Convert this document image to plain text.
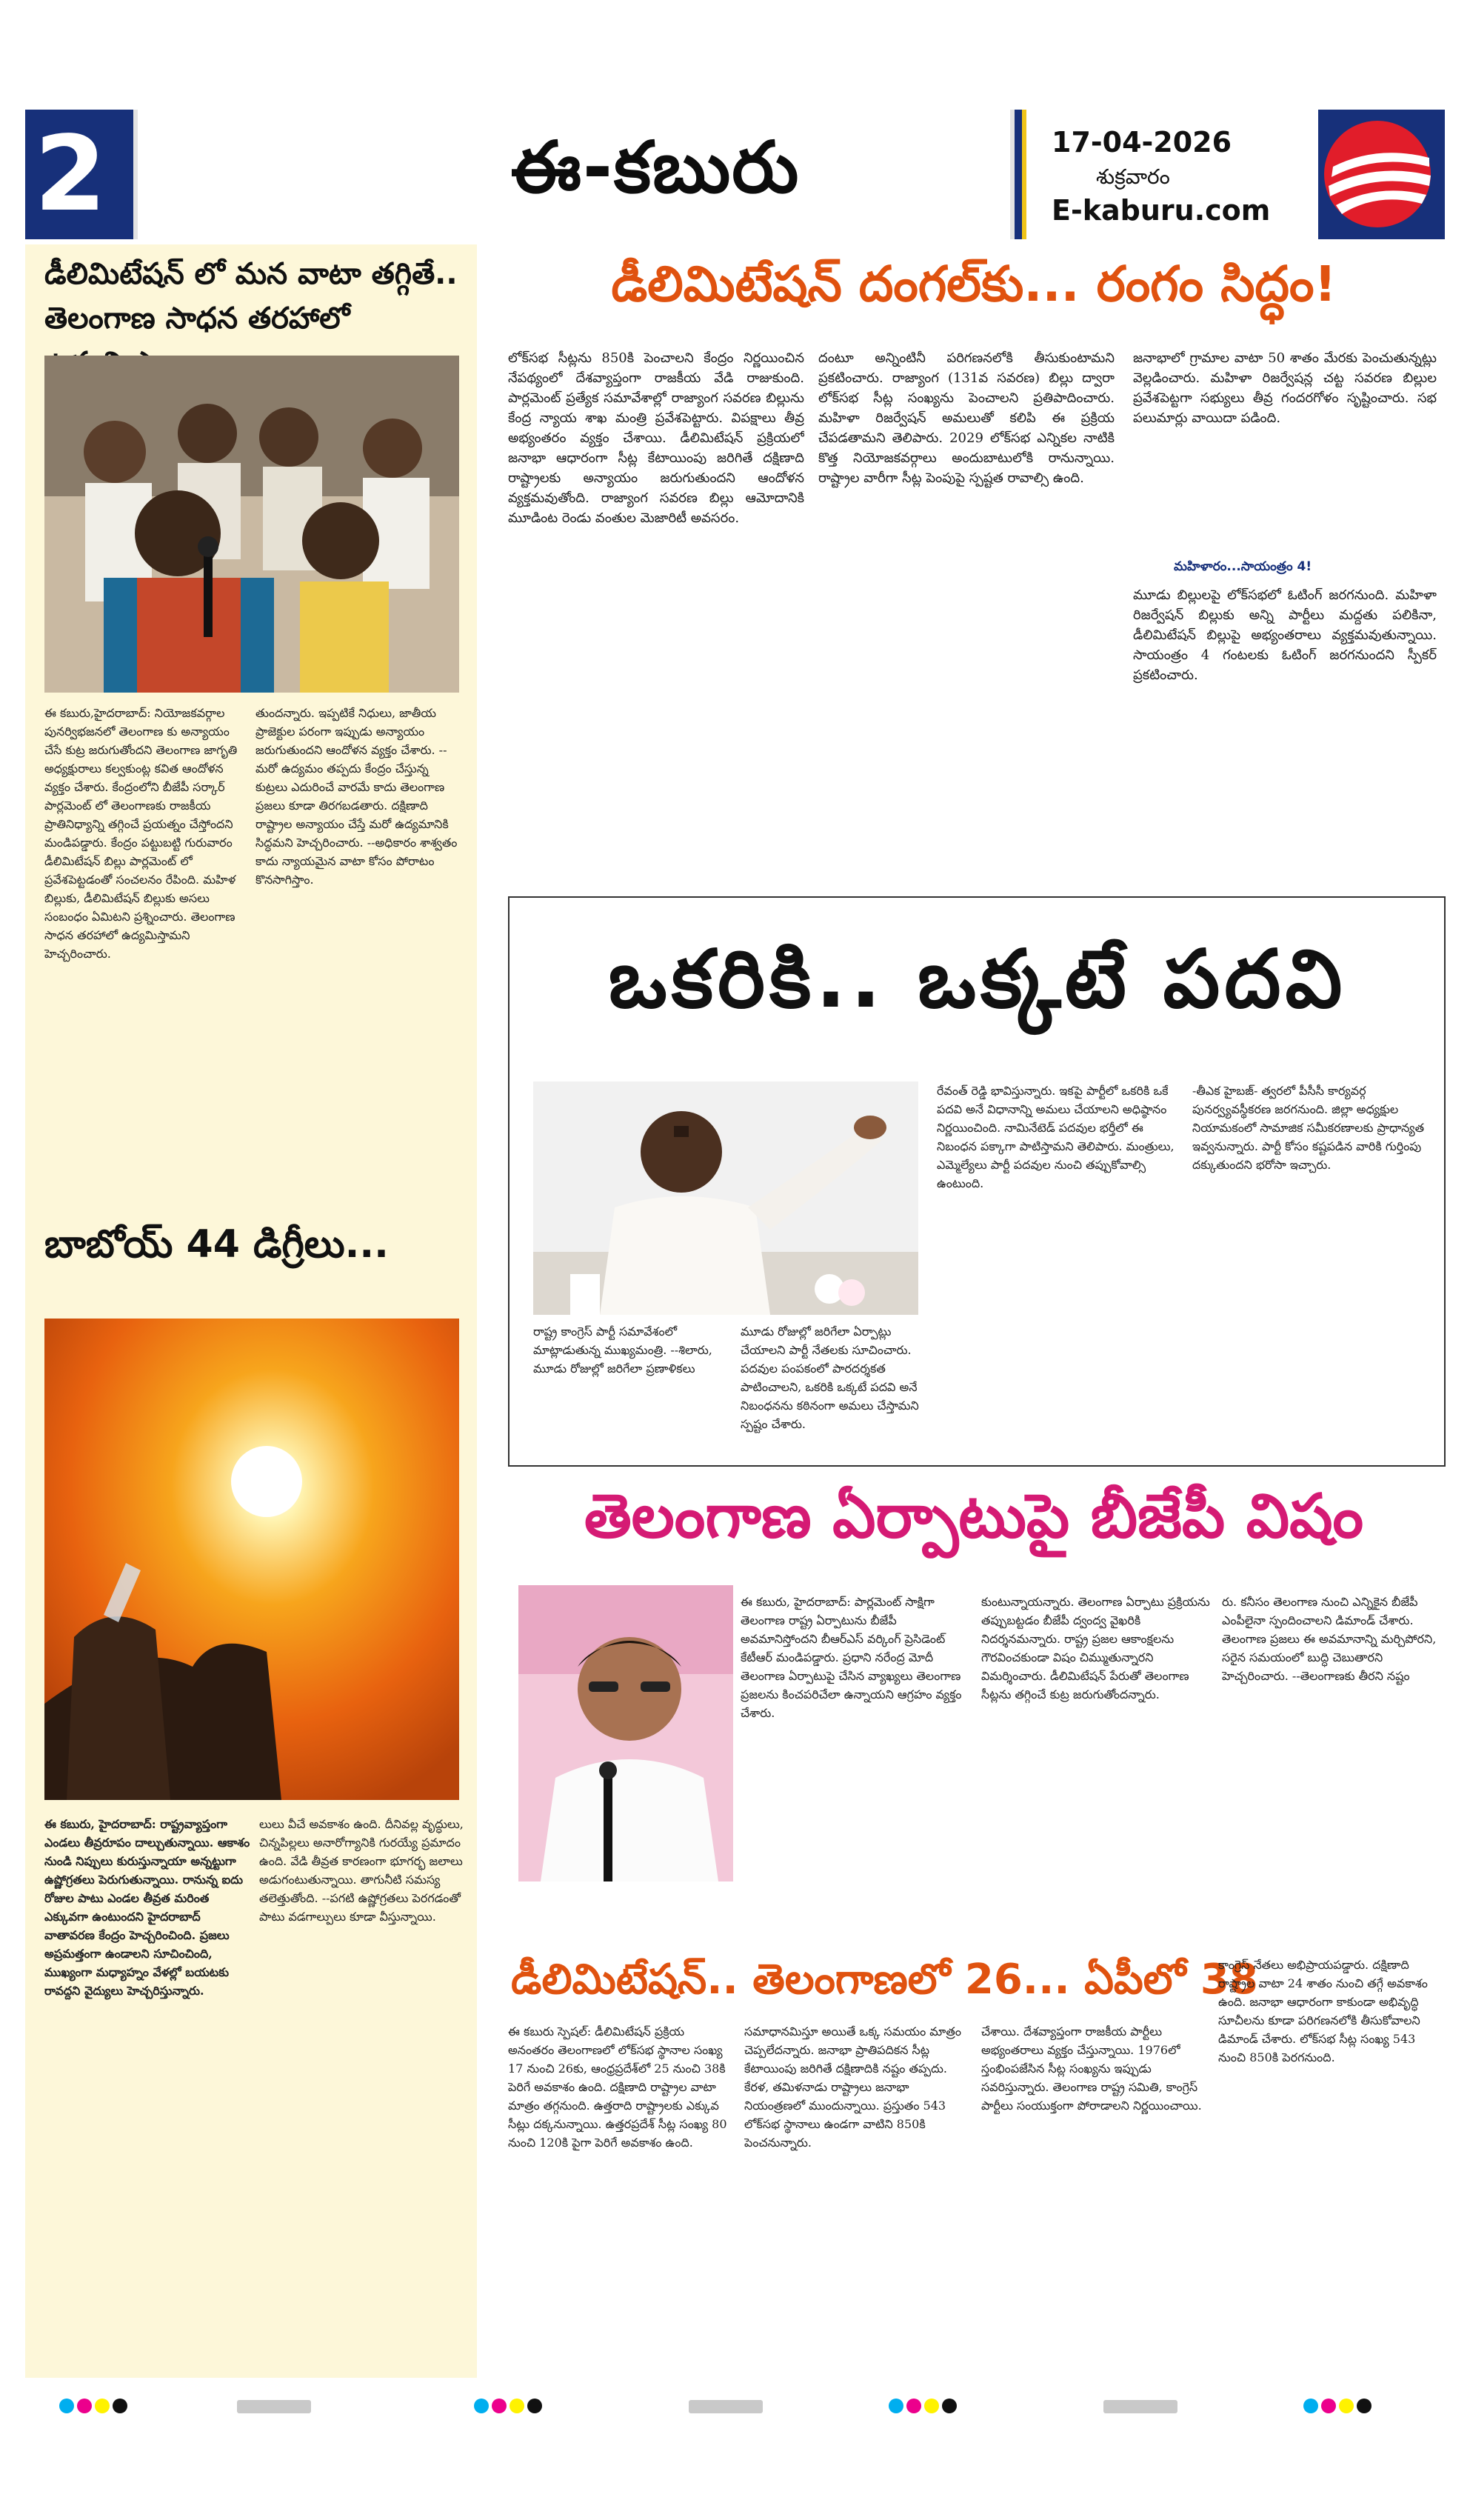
2	ఈ-కబురు	17-04-2026
శుక్రవారం
E-kaburu.com
డీలిమిటేషన్ లో మన వాటా తగ్గితే..
తెలంగాణ సాధన తరహాలో
ఈ కబురు,హైదరాబాద్: నియోజకవర్గాల పునర్విభజనలో తెలంగాణ కు అన్యాయం చేసే కుట్ర జరుగుతోందని తెలంగాణ జాగృతి అధ్యక్షురాలు కల్వకుంట్ల కవిత ఆందోళన వ్యక్తం చేశారు. కేంద్రంలోని బీజేపీ సర్కార్ పార్లమెంట్ లో తెలంగాణకు రాజకీయ ప్రాతినిధ్యాన్ని తగ్గించే ప్రయత్నం చేస్తోందని మండిపడ్డారు. కేంద్రం పట్టుబట్టి గురువారం డీలిమిటేషన్ బిల్లు పార్లమెంట్ లో ప్రవేశపెట్టడంతో సంచలనం రేపింది. మహిళ బిల్లుకు, డీలిమిటేషన్ బిల్లుకు అసలు సంబంధం ఏమిటని ప్రశ్నించారు. తెలంగాణ సాధన తరహాలో ఉద్యమిస్తామని హెచ్చరించారు.
తుందన్నారు. ఇప్పటికే నిధులు, జాతీయ ప్రాజెక్టుల పరంగా ఇప్పుడు అన్యాయం జరుగుతుందని ఆందోళన వ్యక్తం చేశారు. --మరో ఉద్యమం తప్పదు కేంద్రం చేస్తున్న కుట్రలు ఎదురించే వారమే కాదు తెలంగాణ ప్రజలు కూడా తిరగబడతారు. దక్షిణాది రాష్ట్రాల అన్యాయం చేస్తే మరో ఉద్యమానికి సిద్ధమని హెచ్చరించారు. --అధికారం శాశ్వతం కాదు న్యాయమైన వాటా కోసం పోరాటం కొనసాగిస్తాం.
బాబోయ్ 44 డిగ్రీలు...
ఈ కబురు, హైదరాబాద్: రాష్ట్రవ్యాప్తంగా ఎండలు తీవ్రరూపం దాల్చుతున్నాయి. ఆకాశం నుండి నిప్పులు కురుస్తున్నాయా అన్నట్టుగా ఉష్ణోగ్రతలు పెరుగుతున్నాయి. రానున్న ఐదు రోజుల పాటు ఎండల తీవ్రత మరింత ఎక్కువగా ఉంటుందని హైదరాబాద్ వాతావరణ కేంద్రం హెచ్చరించింది. ప్రజలు అప్రమత్తంగా ఉండాలని సూచించింది, ముఖ్యంగా మధ్యాహ్నం వేళల్లో బయటకు రావద్దని వైద్యులు హెచ్చరిస్తున్నారు.
లులు వీచే అవకాశం ఉంది. దీనివల్ల వృద్ధులు, చిన్నపిల్లలు అనారోగ్యానికి గురయ్యే ప్రమాదం ఉంది. వేడి తీవ్రత కారణంగా భూగర్భ జలాలు అడుగంటుతున్నాయి. తాగునీటి సమస్య తలెత్తుతోంది. --పగటి ఉష్ణోగ్రతలు పెరగడంతో పాటు వడగాల్పులు కూడా వీస్తున్నాయి.
డీలిమిటేషన్ దంగల్‌కు... రంగం సిద్ధం!
లోక్‌సభ సీట్లను 850కి పెంచాలని కేంద్రం నిర్ణయించిన నేపథ్యంలో దేశవ్యాప్తంగా రాజకీయ వేడి రాజుకుంది. పార్లమెంట్ ప్రత్యేక సమావేశాల్లో రాజ్యాంగ సవరణ బిల్లును కేంద్ర న్యాయ శాఖ మంత్రి ప్రవేశపెట్టారు. విపక్షాలు తీవ్ర అభ్యంతరం వ్యక్తం చేశాయి. డీలిమిటేషన్ ప్రక్రియలో జనాభా ఆధారంగా సీట్ల కేటాయింపు జరిగితే దక్షిణాది రాష్ట్రాలకు అన్యాయం జరుగుతుందని ఆందోళన వ్యక్తమవుతోంది. రాజ్యాంగ సవరణ బిల్లు ఆమోదానికి మూడింట రెండు వంతుల మెజారిటీ అవసరం.
దంటూ అన్నింటినీ పరిగణనలోకి తీసుకుంటామని ప్రకటించారు. రాజ్యాంగ (131వ సవరణ) బిల్లు ద్వారా లోక్‌సభ సీట్ల సంఖ్యను పెంచాలని ప్రతిపాదించారు. మహిళా రిజర్వేషన్ అమలుతో కలిపి ఈ ప్రక్రియ చేపడతామని తెలిపారు. 2029 లోక్‌సభ ఎన్నికల నాటికి కొత్త నియోజకవర్గాలు అందుబాటులోకి రానున్నాయి. రాష్ట్రాల వారీగా సీట్ల పెంపుపై స్పష్టత రావాల్సి ఉంది.
జనాభాలో గ్రామాల వాటా 50 శాతం మేరకు పెంచుతున్నట్లు వెల్లడించారు. మహిళా రిజర్వేషన్ల చట్ట సవరణ బిల్లుల ప్రవేశపెట్టగా సభ్యులు తీవ్ర గందరగోళం సృష్టించారు. సభ పలుమార్లు వాయిదా పడింది.
మహిళారం...సాయంత్రం 4!
మూడు బిల్లులపై లోక్‌సభలో ఓటింగ్ జరగనుంది. మహిళా రిజర్వేషన్ బిల్లుకు అన్ని పార్టీలు మద్దతు పలికినా, డీలిమిటేషన్ బిల్లుపై అభ్యంతరాలు వ్యక్తమవుతున్నాయి. సాయంత్రం 4 గంటలకు ఓటింగ్ జరగనుందని స్పీకర్ ప్రకటించారు.
ఒకరికి.. ఒక్కటే పదవి
రాష్ట్ర కాంగ్రెస్ పార్టీ సమావేశంలో మాట్లాడుతున్న ముఖ్యమంత్రి. --శిలారు, మూడు రోజుల్లో జరిగేలా ప్రణాళికలు
మూడు రోజుల్లో జరిగేలా ఏర్పాట్లు చేయాలని పార్టీ నేతలకు సూచించారు. పదవుల పంపకంలో పారదర్శకత పాటించాలని, ఒకరికి ఒక్కటే పదవి అనే నిబంధనను కఠినంగా అమలు చేస్తామని స్పష్టం చేశారు.
రేవంత్ రెడ్డి భావిస్తున్నారు. ఇకపై పార్టీలో ఒకరికి ఒకే పదవి అనే విధానాన్ని అమలు చేయాలని అధిష్ఠానం నిర్ణయించింది. నామినేటెడ్ పదవుల భర్తీలో ఈ నిబంధన పక్కాగా పాటిస్తామని తెలిపారు. మంత్రులు, ఎమ్మెల్యేలు పార్టీ పదవుల నుంచి తప్పుకోవాల్సి ఉంటుంది.
-తీఎక హైబజ్- త్వరలో పీసీసీ కార్యవర్గ పునర్వ్యవస్థీకరణ జరగనుంది. జిల్లా అధ్యక్షుల నియామకంలో సామాజిక సమీకరణాలకు ప్రాధాన్యత ఇవ్వనున్నారు. పార్టీ కోసం కష్టపడిన వారికి గుర్తింపు దక్కుతుందని భరోసా ఇచ్చారు.
తెలంగాణ ఏర్పాటుపై బీజేపీ విషం
ఈ కబురు, హైదరాబాద్: పార్లమెంట్ సాక్షిగా తెలంగాణ రాష్ట్ర ఏర్పాటును బీజేపీ అవమానిస్తోందని బీఆర్ఎస్ వర్కింగ్ ప్రెసిడెంట్ కేటీఆర్ మండిపడ్డారు. ప్రధాని నరేంద్ర మోదీ తెలంగాణ ఏర్పాటుపై చేసిన వ్యాఖ్యలు తెలంగాణ ప్రజలను కించపరిచేలా ఉన్నాయని ఆగ్రహం వ్యక్తం చేశారు.
కుంటున్నాయన్నారు. తెలంగాణ ఏర్పాటు ప్రక్రియను తప్పుబట్టడం బీజేపీ ద్వంద్వ వైఖరికి నిదర్శనమన్నారు. రాష్ట్ర ప్రజల ఆకాంక్షలను గౌరవించకుండా విషం చిమ్ముతున్నారని విమర్శించారు. డీలిమిటేషన్ పేరుతో తెలంగాణ సీట్లను తగ్గించే కుట్ర జరుగుతోందన్నారు.
రు. కనీసం తెలంగాణ నుంచి ఎన్నికైన బీజేపీ ఎంపీలైనా స్పందించాలని డిమాండ్ చేశారు. తెలంగాణ ప్రజలు ఈ అవమానాన్ని మర్చిపోరని, సరైన సమయంలో బుద్ధి చెబుతారని హెచ్చరించారు. --తెలంగాణకు తీరని నష్టం
డీలిమిటేషన్.. తెలంగాణలో 26... ఏపీలో 38
ఈ కబురు స్పెషల్: డీలిమిటేషన్ ప్రక్రియ అనంతరం తెలంగాణలో లోక్‌సభ స్థానాల సంఖ్య 17 నుంచి 26కు, ఆంధ్రప్రదేశ్‌లో 25 నుంచి 38కి పెరిగే అవకాశం ఉంది. దక్షిణాది రాష్ట్రాల వాటా మాత్రం తగ్గనుంది. ఉత్తరాది రాష్ట్రాలకు ఎక్కువ సీట్లు దక్కనున్నాయి. ఉత్తరప్రదేశ్ సీట్ల సంఖ్య 80 నుంచి 120కి పైగా పెరిగే అవకాశం ఉంది.
సమాధానమిస్తూ అయితే ఒక్క సమయం మాత్రం చెప్పలేదన్నారు. జనాభా ప్రాతిపదికన సీట్ల కేటాయింపు జరిగితే దక్షిణాదికి నష్టం తప్పదు. కేరళ, తమిళనాడు రాష్ట్రాలు జనాభా నియంత్రణలో ముందున్నాయి. ప్రస్తుతం 543 లోక్‌సభ స్థానాలు ఉండగా వాటిని 850కి పెంచనున్నారు.
చేశాయి. దేశవ్యాప్తంగా రాజకీయ పార్టీలు అభ్యంతరాలు వ్యక్తం చేస్తున్నాయి. 1976లో స్తంభింపజేసిన సీట్ల సంఖ్యను ఇప్పుడు సవరిస్తున్నారు. తెలంగాణ రాష్ట్ర సమితి, కాంగ్రెస్ పార్టీలు సంయుక్తంగా పోరాడాలని నిర్ణయించాయి.
కాంగ్రెస్ నేతలు అభిప్రాయపడ్డారు. దక్షిణాది రాష్ట్రాల వాటా 24 శాతం నుంచి తగ్గే అవకాశం ఉంది. జనాభా ఆధారంగా కాకుండా అభివృద్ధి సూచీలను కూడా పరిగణనలోకి తీసుకోవాలని డిమాండ్ చేశారు. లోక్‌సభ సీట్ల సంఖ్య 543 నుంచి 850కి పెరగనుంది.
